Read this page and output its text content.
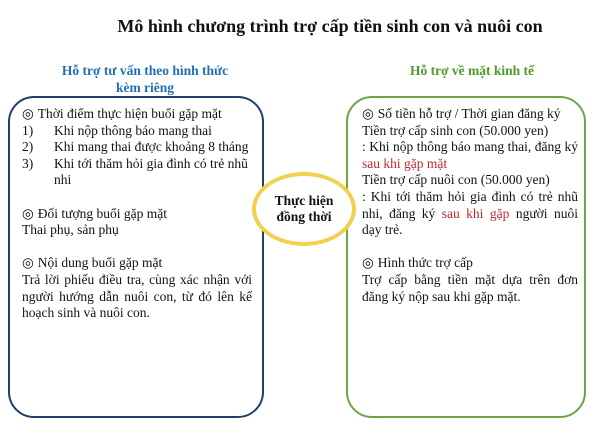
Mô hình chương trình trợ cấp tiền sinh con và nuôi con
Hỗ trợ tư vấn theo hình thức kèm riêng
Hỗ trợ về mặt kinh tế

◎ Thời điểm thực hiện buổi gặp mặt

1) Khi nộp thông báo mang thai
2) Khi mang thai được khoảng 8 tháng
3) Khi tới thăm hỏi gia đình có trẻ nhũ nhi

◎ Đối tượng buổi gặp mặt

Thai phụ, sản phụ

◎ Nội dung buổi gặp mặt

Trả lời phiếu điều tra, cùng xác nhận với người hướng dẫn nuôi con, từ đó lên kế hoạch sinh và nuôi con.

◎ Số tiền hỗ trợ / Thời gian đăng ký

Tiền trợ cấp sinh con (50.000 yen)

: Khi nộp thông báo mang thai, đăng ký sau khi gặp mặt

Tiền trợ cấp nuôi con (50.000 yen)

: Khi tới thăm hỏi gia đình có trẻ nhũ nhi, đăng ký sau khi gặp người nuôi dạy trẻ.

◎ Hình thức trợ cấp

Trợ cấp bằng tiền mặt dựa trên đơn đăng ký nộp sau khi gặp mặt.

Thực hiện đồng thời
